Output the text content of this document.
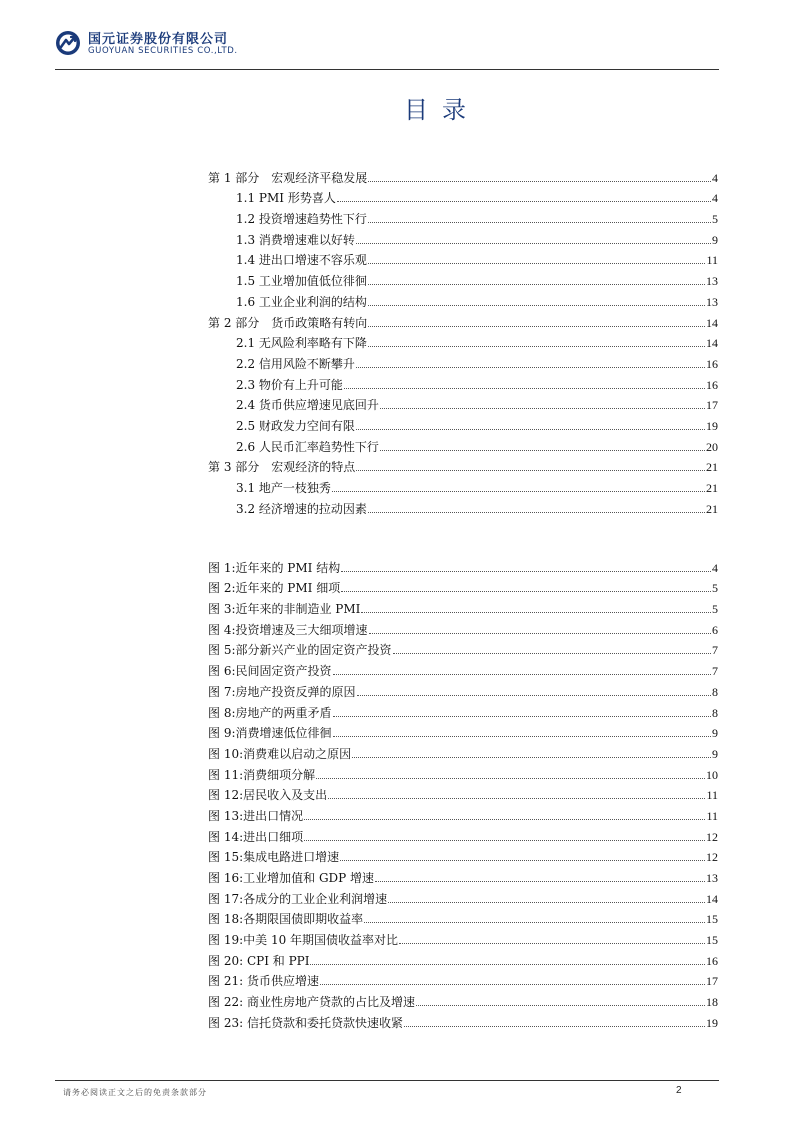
国元证券股份有限公司
GUOYUAN SECURITIES CO.,LTD.
目录
第 1 部分　宏观经济平稳发展	4
1.1 PMI 形势喜人	4
1.2 投资增速趋势性下行	5
1.3 消费增速难以好转	9
1.4 进出口增速不容乐观	11
1.5 工业增加值低位徘徊	13
1.6 工业企业利润的结构	13
第 2 部分　货币政策略有转向	14
2.1 无风险利率略有下降	14
2.2 信用风险不断攀升	16
2.3 物价有上升可能	16
2.4 货币供应增速见底回升	17
2.5 财政发力空间有限	19
2.6 人民币汇率趋势性下行	20
第 3 部分　宏观经济的特点	21
3.1 地产一枝独秀	21
3.2 经济增速的拉动因素	21
图 1:近年来的 PMI 结构	4
图 2:近年来的 PMI 细项	5
图 3:近年来的非制造业 PMI	5
图 4:投资增速及三大细项增速	6
图 5:部分新兴产业的固定资产投资	7
图 6:民间固定资产投资	7
图 7:房地产投资反弹的原因	8
图 8:房地产的两重矛盾	8
图 9:消费增速低位徘徊	9
图 10:消费难以启动之原因	9
图 11:消费细项分解	10
图 12:居民收入及支出	11
图 13:进出口情况	11
图 14:进出口细项	12
图 15:集成电路进口增速	12
图 16:工业增加值和 GDP 增速	13
图 17:各成分的工业企业利润增速	14
图 18:各期限国债即期收益率	15
图 19:中美 10 年期国债收益率对比	15
图 20: CPI 和 PPI	16
图 21: 货币供应增速	17
图 22: 商业性房地产贷款的占比及增速	18
图 23: 信托贷款和委托贷款快速收紧	19
请务必阅读正文之后的免责条款部分	2
